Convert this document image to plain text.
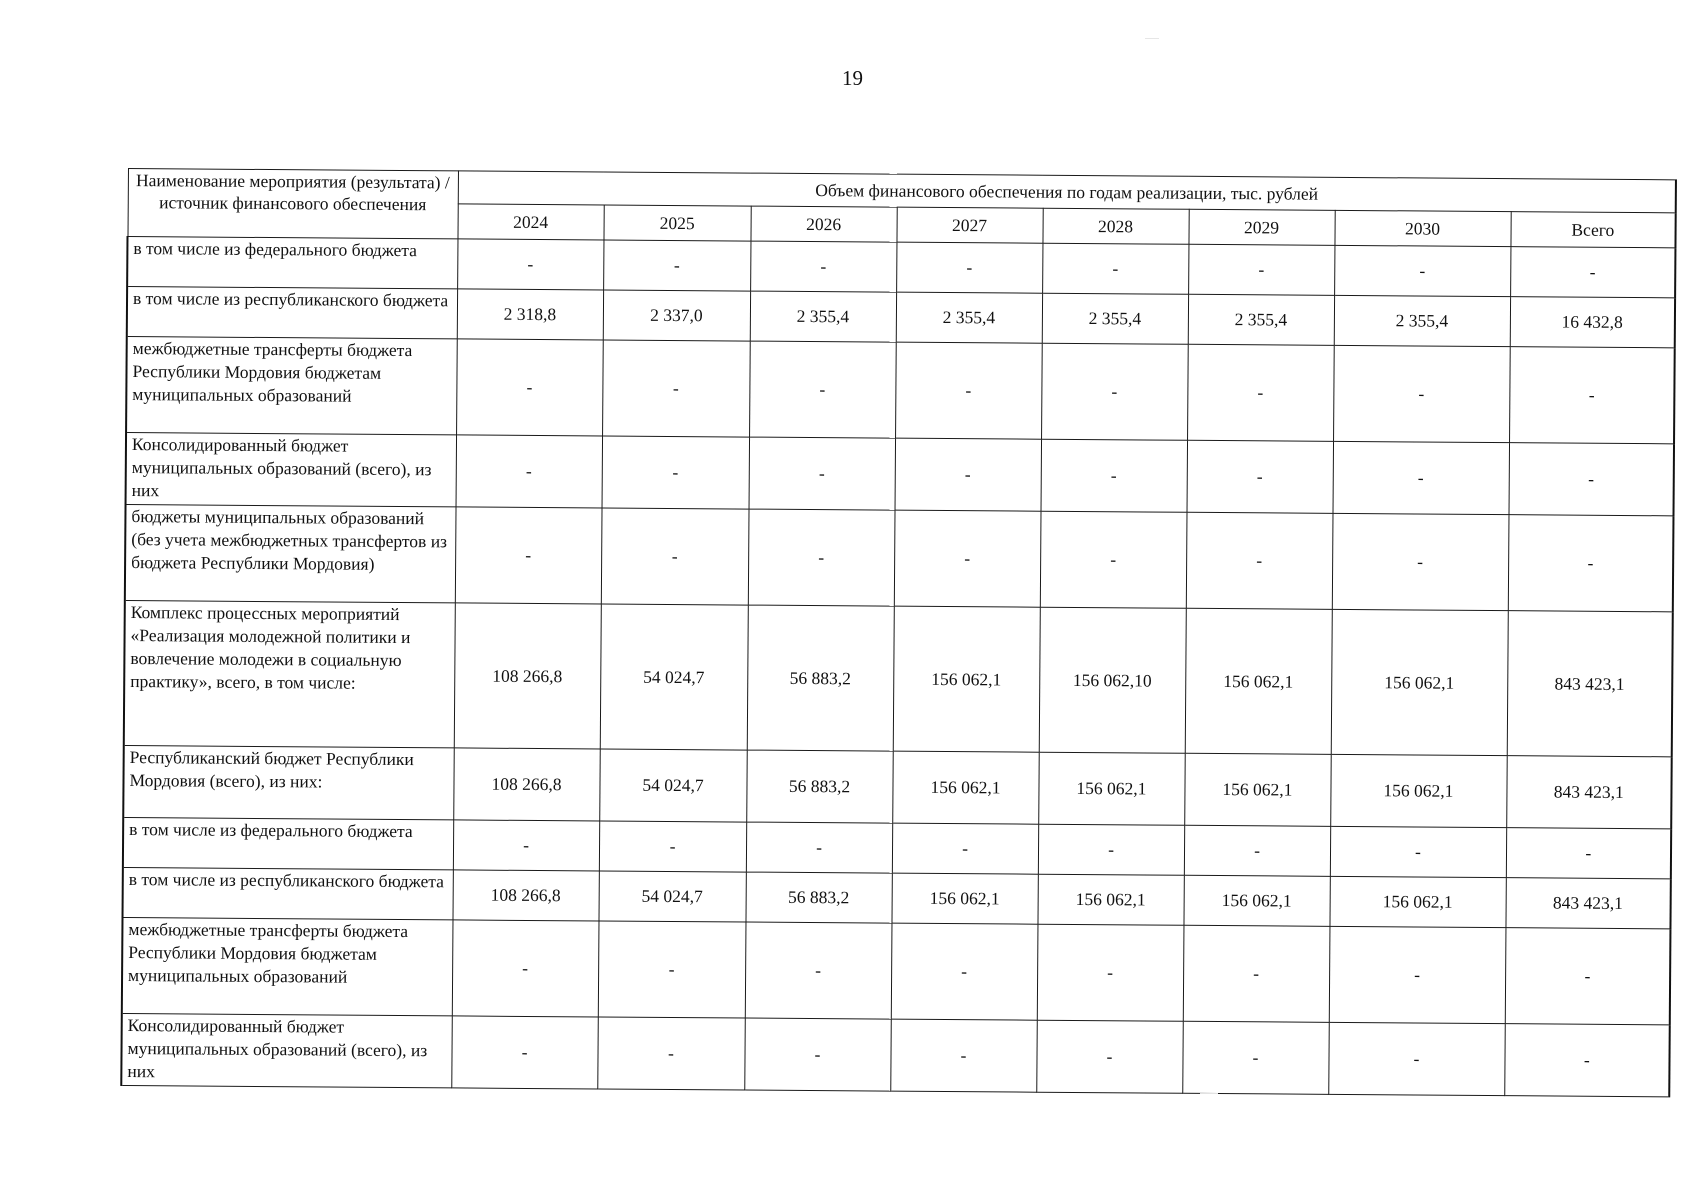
19
Наименование мероприятия (результата) / источник финансового обеспечения	Объем финансового обеспечения по годам реализации, тыс. рублей							
	2024	2025	2026	2027	2028	2029	2030	Всего
в том числе из федерального бюджета	-	-	-	-	-	-	-	-
в том числе из республиканского бюджета	2 318,8	2 337,0	2 355,4	2 355,4	2 355,4	2 355,4	2 355,4	16 432,8
межбюджетные трансферты бюджета Республики Мордовия бюджетам муниципальных образований	-	-	-	-	-	-	-	-
Консолидированный бюджет муниципальных образований (всего), из них	-	-	-	-	-	-	-	-
бюджеты муниципальных образований (без учета межбюджетных трансфертов из бюджета Республики Мордовия)	-	-	-	-	-	-	-	-
Комплекс процессных мероприятий «Реализация молодежной политики и вовлечение молодежи в социальную практику», всего, в том числе:	108 266,8	54 024,7	56 883,2	156 062,1	156 062,10	156 062,1	156 062,1	843 423,1
Республиканский бюджет Республики Мордовия (всего), из них:	108 266,8	54 024,7	56 883,2	156 062,1	156 062,1	156 062,1	156 062,1	843 423,1
в том числе из федерального бюджета	-	-	-	-	-	-	-	-
в том числе из республиканского бюджета	108 266,8	54 024,7	56 883,2	156 062,1	156 062,1	156 062,1	156 062,1	843 423,1
межбюджетные трансферты бюджета Республики Мордовия бюджетам муниципальных образований	-	-	-	-	-	-	-	-
Консолидированный бюджет муниципальных образований (всего), из них	-	-	-	-	-	-	-	-
